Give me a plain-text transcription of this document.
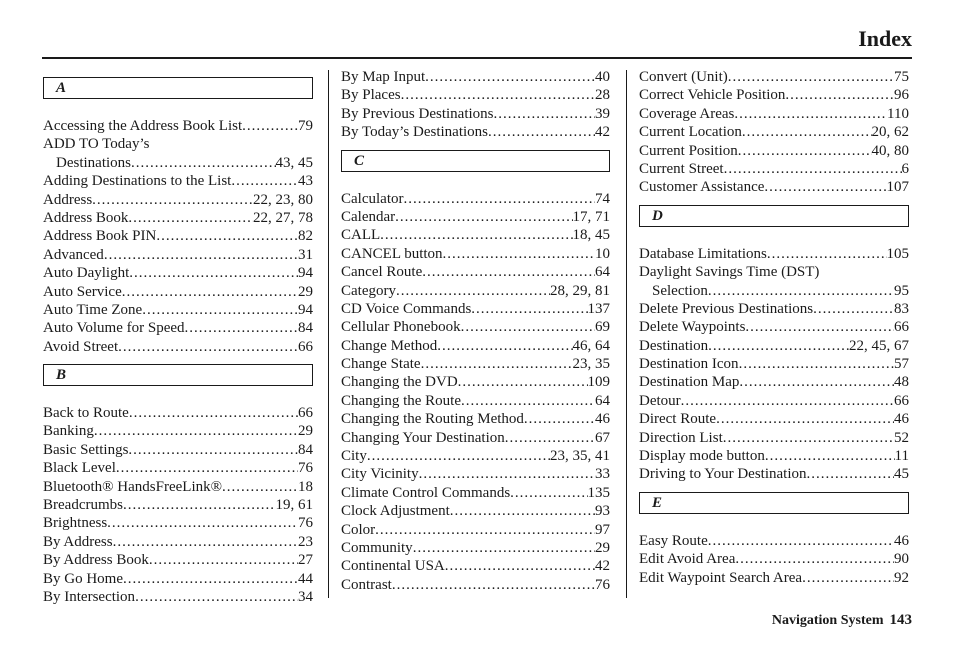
Index
A
Accessing the Address Book List .....	79
ADD TO Today’s
Destinations .....	43, 45
Adding Destinations to the List .....	43
Address .....	22, 23, 80
Address Book .....	22, 27, 78
Address Book PIN .....	82
Advanced .....	31
Auto Daylight .....	94
Auto Service .....	29
Auto Time Zone .....	94
Auto Volume for Speed .....	84
Avoid Street .....	66
B
Back to Route .....	66
Banking .....	29
Basic Settings .....	84
Black Level .....	76
Bluetooth® HandsFreeLink® .....	18
Breadcrumbs .....	19, 61
Brightness .....	76
By Address .....	23
By Address Book .....	27
By Go Home .....	44
By Intersection .....	34
By Map Input .....	40
By Places .....	28
By Previous Destinations .....	39
By Today’s Destinations .....	42
C
Calculator .....	74
Calendar .....	17, 71
CALL .....	18, 45
CANCEL button .....	10
Cancel Route .....	64
Category .....	28, 29, 81
CD Voice Commands .....	137
Cellular Phonebook .....	69
Change Method .....	46, 64
Change State .....	23, 35
Changing the DVD .....	109
Changing the Route .....	64
Changing the Routing Method .....	46
Changing Your Destination .....	67
City .....	23, 35, 41
City Vicinity .....	33
Climate Control Commands .....	135
Clock Adjustment .....	93
Color .....	97
Community .....	29
Continental USA .....	42
Contrast .....	76
Convert (Unit) .....	75
Correct Vehicle Position .....	96
Coverage Areas .....	110
Current Location .....	20, 62
Current Position .....	40, 80
Current Street .....	6
Customer Assistance .....	107
D
Database Limitations .....	105
Daylight Savings Time (DST)
Selection .....	95
Delete Previous Destinations .....	83
Delete Waypoints .....	66
Destination .....	22, 45, 67
Destination Icon .....	57
Destination Map .....	48
Detour .....	66
Direct Route .....	46
Direction List .....	52
Display mode button .....	11
Driving to Your Destination .....	45
E
Easy Route .....	46
Edit Avoid Area .....	90
Edit Waypoint Search Area .....	92
Navigation System 143
